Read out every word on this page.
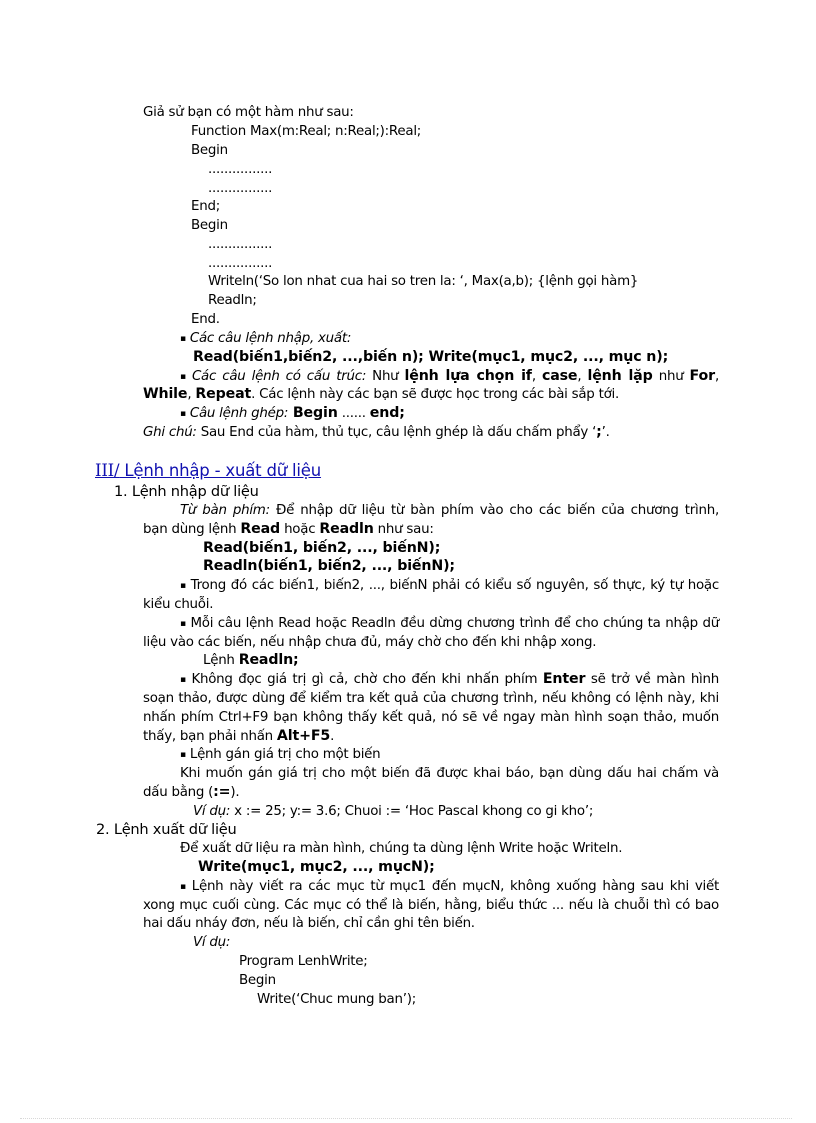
Giả sử bạn có một hàm như sau:
Function Max(m:Real; n:Real;):Real;
Begin
................
................
End;
Begin
................
................
Writeln(‘So lon nhat cua hai so tren la: ‘, Max(a,b); {lệnh gọi hàm}
Readln;
End.
▪ Các câu lệnh nhập, xuất:
Read(biến1,biến2, ...,biến n); Write(mục1, mục2, ..., mục n);
▪ Các câu lệnh có cấu trúc: Như lệnh lựa chọn if, case, lệnh lặp như For,
While, Repeat. Các lệnh này các bạn sẽ được học trong các bài sắp tới.
▪ Câu lệnh ghép: Begin ...... end;
Ghi chú: Sau End của hàm, thủ tục, câu lệnh ghép là dấu chấm phẩy ‘;’.
III/ Lệnh nhập - xuất dữ liệu
1. Lệnh nhập dữ liệu
Từ bàn phím: Để nhập dữ liệu từ bàn phím vào cho các biến của chương trình,
bạn dùng lệnh Read hoặc Readln như sau:
Read(biến1, biến2, ..., biếnN);
Readln(biến1, biến2, ..., biếnN);
▪ Trong đó các biến1, biến2, ..., biếnN phải có kiểu số nguyên, số thực, ký tự hoặc
kiểu chuỗi.
▪ Mỗi câu lệnh Read hoặc Readln đều dừng chương trình để cho chúng ta nhập dữ
liệu vào các biến, nếu nhập chưa đủ, máy chờ cho đến khi nhập xong.
Lệnh Readln;
▪ Không đọc giá trị gì cả, chờ cho đến khi nhấn phím Enter sẽ trở về màn hình
soạn thảo, được dùng để kiểm tra kết quả của chương trình, nếu không có lệnh này, khi
nhấn phím Ctrl+F9 bạn không thấy kết quả, nó sẽ về ngay màn hình soạn thảo, muốn
thấy, bạn phải nhấn Alt+F5.
▪ Lệnh gán giá trị cho một biến
Khi muốn gán giá trị cho một biến đã được khai báo, bạn dùng dấu hai chấm và
dấu bằng (:=).
Ví dụ: x := 25; y:= 3.6; Chuoi := ‘Hoc Pascal khong co gi kho’;
2. Lệnh xuất dữ liệu
Để xuất dữ liệu ra màn hình, chúng ta dùng lệnh Write hoặc Writeln.
Write(mục1, mục2, ..., mụcN);
▪ Lệnh này viết ra các mục từ mục1 đến mụcN, không xuống hàng sau khi viết
xong mục cuối cùng. Các mục có thể là biến, hằng, biểu thức ... nếu là chuỗi thì có bao
hai dấu nháy đơn, nếu là biến, chỉ cần ghi tên biến.
Ví dụ:
Program LenhWrite;
Begin
Write(‘Chuc mung ban’);
